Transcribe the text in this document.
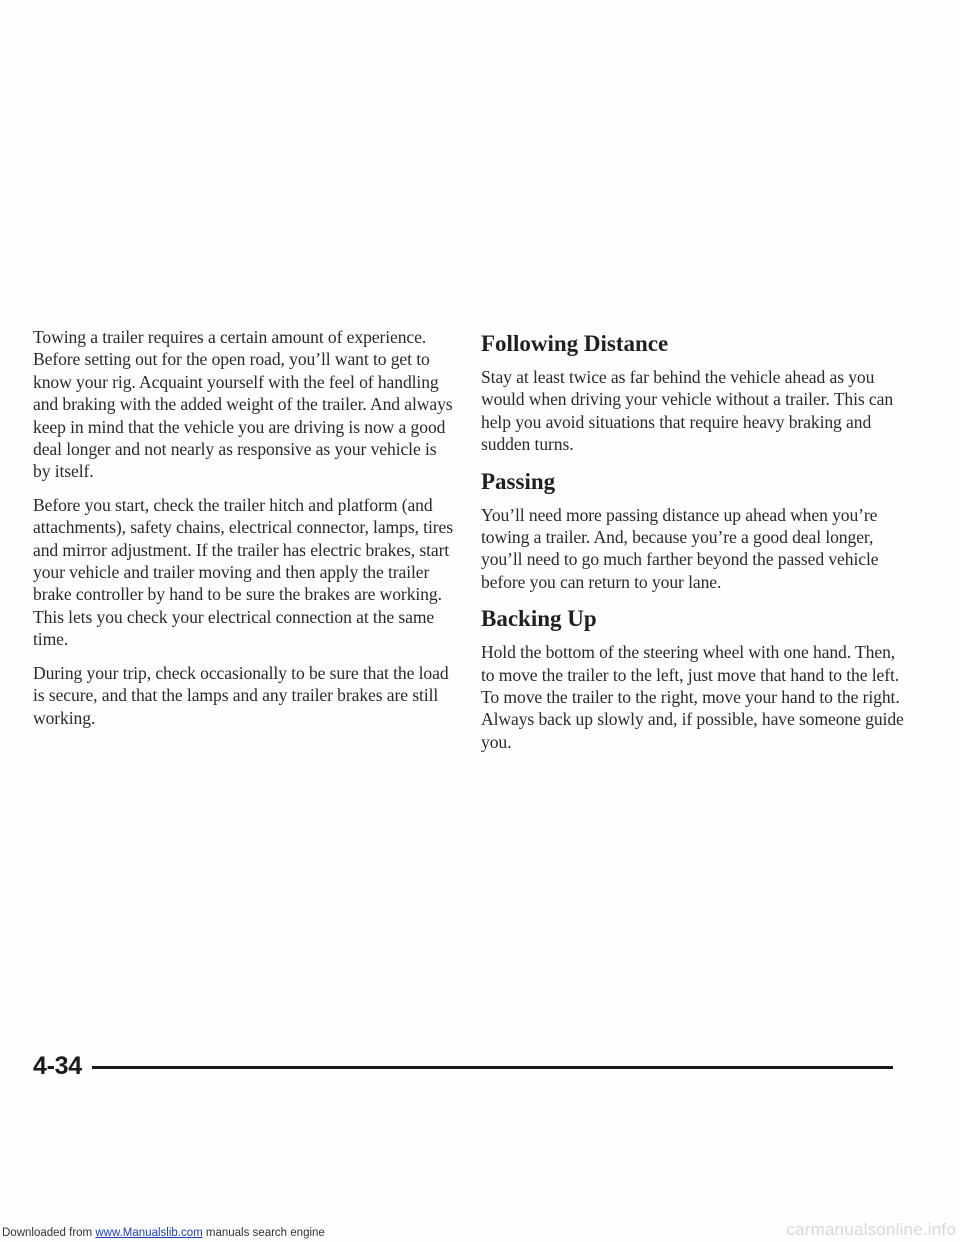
Towing a trailer requires a certain amount of experience. Before setting out for the open road, you’ll want to get to know your rig. Acquaint yourself with the feel of handling and braking with the added weight of the trailer. And always keep in mind that the vehicle you are driving is now a good deal longer and not nearly as responsive as your vehicle is by itself.

Before you start, check the trailer hitch and platform (and attachments), safety chains, electrical connector, lamps, tires and mirror adjustment. If the trailer has electric brakes, start your vehicle and trailer moving and then apply the trailer brake controller by hand to be sure the brakes are working. This lets you check your electrical connection at the same time.

During your trip, check occasionally to be sure that the load is secure, and that the lamps and any trailer brakes are still working.

Following Distance

Stay at least twice as far behind the vehicle ahead as you would when driving your vehicle without a trailer. This can help you avoid situations that require heavy braking and sudden turns.

Passing

You’ll need more passing distance up ahead when you’re towing a trailer. And, because you’re a good deal longer, you’ll need to go much farther beyond the passed vehicle before you can return to your lane.

Backing Up

Hold the bottom of the steering wheel with one hand. Then, to move the trailer to the left, just move that hand to the left. To move the trailer to the right, move your hand to the right. Always back up slowly and, if possible, have someone guide you.

4-34
Downloaded from www.Manualslib.com manuals search engine	carmanualsonline.info
